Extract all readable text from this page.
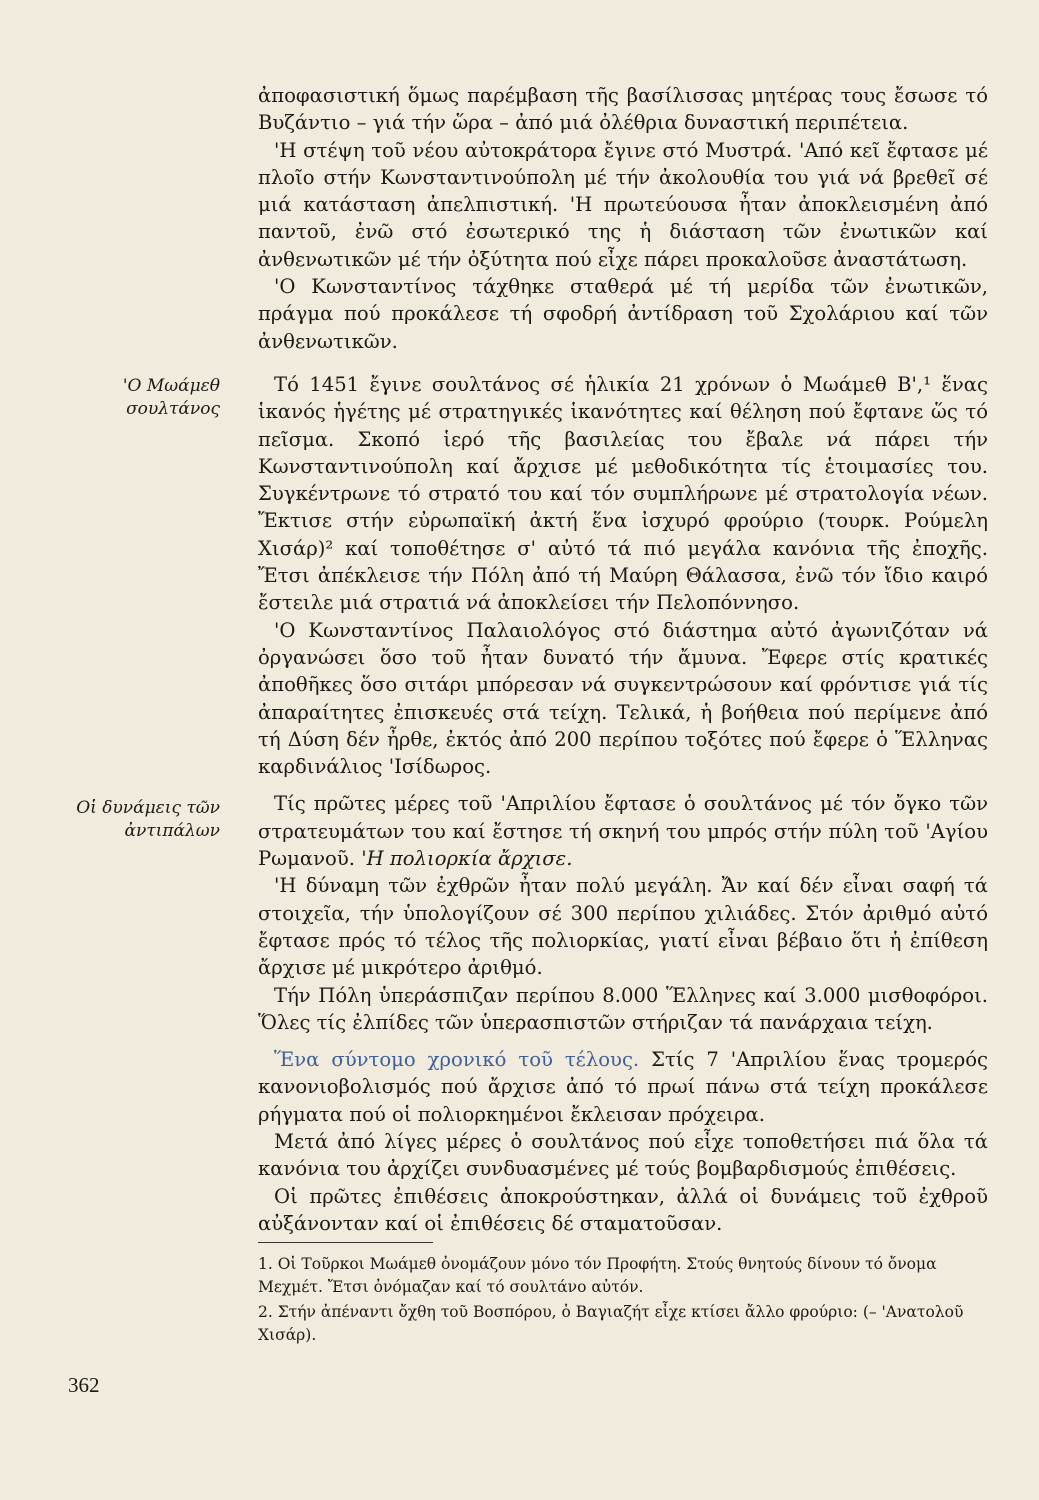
ἀποφασιστική ὅμως παρέμβαση τῆς βασίλισσας μητέρας τους ἔσωσε τό Βυζάντιο – γιά τήν ὥρα – ἀπό μιά ὀλέθρια δυναστική περιπέτεια.

'Η στέψη τοῦ νέου αὐτοκράτορα ἔγινε στό Μυστρά. 'Από κεῖ ἔφτασε μέ πλοῖο στήν Κωνσταντινούπολη μέ τήν ἀκολουθία του γιά νά βρεθεῖ σέ μιά κατάσταση ἀπελπιστική. 'Η πρωτεύουσα ἦταν ἀποκλεισμένη ἀπό παντοῦ, ἐνῶ στό ἐσωτερικό της ἡ διάσταση τῶν ἐνωτικῶν καί ἀνθενωτικῶν μέ τήν ὀξύτητα πού εἶχε πάρει προκαλοῦσε ἀναστάτωση.

'Ο Κωνσταντίνος τάχθηκε σταθερά μέ τή μερίδα τῶν ἐνωτικῶν, πράγμα πού προκάλεσε τή σφοδρή ἀντίδραση τοῦ Σχολάριου καί τῶν ἀνθενωτικῶν.

Τό 1451 ἔγινε σουλτάνος σέ ἡλικία 21 χρόνων ὁ Μωάμεθ Β',¹ ἕνας ἱκανός ἡγέτης μέ στρατηγικές ἱκανότητες καί θέληση πού ἔφτανε ὥς τό πεῖσμα. Σκοπό ἱερό τῆς βασιλείας του ἔβαλε νά πάρει τήν Κωνσταντινούπολη καί ἄρχισε μέ μεθοδικότητα τίς ἑτοιμασίες του. Συγκέντρωνε τό στρατό του καί τόν συμπλήρωνε μέ στρατολογία νέων. Ἔκτισε στήν εὐρωπαϊκή ἀκτή ἕνα ἰσχυρό φρούριο (τουρκ. Ρούμελη Χισάρ)² καί τοποθέτησε σ' αὐτό τά πιό μεγάλα κανόνια τῆς ἐποχῆς. Ἔτσι ἀπέκλεισε τήν Πόλη ἀπό τή Μαύρη Θάλασσα, ἐνῶ τόν ἴδιο καιρό ἔστειλε μιά στρατιά νά ἀποκλείσει τήν Πελοπόννησο.

'Ο Κωνσταντίνος Παλαιολόγος στό διάστημα αὐτό ἀγωνιζόταν νά ὀργανώσει ὅσο τοῦ ἦταν δυνατό τήν ἄμυνα. Ἔφερε στίς κρατικές ἀποθῆκες ὅσο σιτάρι μπόρεσαν νά συγκεντρώσουν καί φρόντισε γιά τίς ἀπαραίτητες ἐπισκευές στά τείχη. Τελικά, ἡ βοήθεια πού περίμενε ἀπό τή Δύση δέν ἦρθε, ἐκτός ἀπό 200 περίπου τοξότες πού ἔφερε ὁ Ἕλληνας καρδινάλιος 'Ισίδωρος.

Τίς πρῶτες μέρες τοῦ 'Απριλίου ἔφτασε ὁ σουλτάνος μέ τόν ὄγκο τῶν στρατευμάτων του καί ἔστησε τή σκηνή του μπρός στήν πύλη τοῦ 'Αγίου Ρωμανοῦ. 'Η πολιορκία ἄρχισε.

'Η δύναμη τῶν ἐχθρῶν ἦταν πολύ μεγάλη. Ἄν καί δέν εἶναι σαφή τά στοιχεῖα, τήν ὑπολογίζουν σέ 300 περίπου χιλιάδες. Στόν ἀριθμό αὐτό ἔφτασε πρός τό τέλος τῆς πολιορκίας, γιατί εἶναι βέβαιο ὅτι ἡ ἐπίθεση ἄρχισε μέ μικρότερο ἀριθμό.

Τήν Πόλη ὑπεράσπιζαν περίπου 8.000 Ἕλληνες καί 3.000 μισθοφόροι. Ὅλες τίς ἐλπίδες τῶν ὑπερασπιστῶν στήριζαν τά πανάρχαια τείχη.

Ἕνα σύντομο χρονικό τοῦ τέλους. Στίς 7 'Απριλίου ἕνας τρομερός κανονιοβολισμός πού ἄρχισε ἀπό τό πρωί πάνω στά τείχη προκάλεσε ρήγματα πού οἱ πολιορκημένοι ἔκλεισαν πρόχειρα.

Μετά ἀπό λίγες μέρες ὁ σουλτάνος πού εἶχε τοποθετήσει πιά ὅλα τά κανόνια του ἀρχίζει συνδυασμένες μέ τούς βομβαρδισμούς ἐπιθέσεις.

Οἱ πρῶτες ἐπιθέσεις ἀποκρούστηκαν, ἀλλά οἱ δυνάμεις τοῦ ἐχθροῦ αὐξάνονταν καί οἱ ἐπιθέσεις δέ σταματοῦσαν.

'Ο Μωάμεθ
σουλτάνος
Οἱ δυνάμεις τῶν
ἀντιπάλων

1. Οἱ Τοῦρκοι Μωάμεθ ὀνομάζουν μόνο τόν Προφήτη. Στούς θνητούς δίνουν τό ὄνομα Μεχμέτ. Ἔτσι ὀνόμαζαν καί τό σουλτάνο αὐτόν.

2. Στήν ἀπέναντι ὄχθη τοῦ Βοσπόρου, ὁ Βαγιαζήτ εἶχε κτίσει ἄλλο φρούριο: (– 'Ανατολοῦ Χισάρ).

362
